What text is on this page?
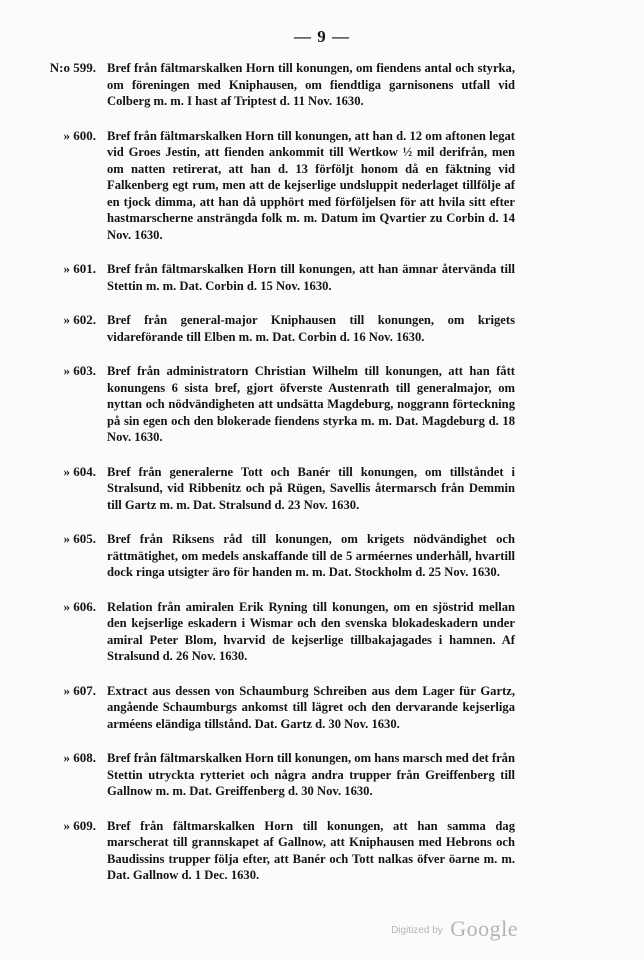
— 9 —
N:o 599. Bref från fältmarskalken Horn till konungen, om fiendens antal och styrka, om föreningen med Kniphausen, om fiendtliga garnisonens utfall vid Colberg m. m. I hast af Triptest d. 11 Nov. 1630.
» 600. Bref från fältmarskalken Horn till konungen, att han d. 12 om aftonen legat vid Groes Jestin, att fienden ankommit till Wertkow ½ mil derifrån, men om natten retirerat, att han d. 13 förföljt honom då en fäktning vid Falkenberg egt rum, men att de kejserlige undsluppit nederlaget tillfölje af en tjock dimma, att han då upphört med förföljelsen för att hvila sitt efter hastmarscherne ansträngda folk m. m. Datum im Qvartier zu Corbin d. 14 Nov. 1630.
» 601. Bref från fältmarskalken Horn till konungen, att han ämnar återvända till Stettin m. m. Dat. Corbin d. 15 Nov. 1630.
» 602. Bref från general-major Kniphausen till konungen, om krigets vidareförande till Elben m. m. Dat. Corbin d. 16 Nov. 1630.
» 603. Bref från administratorn Christian Wilhelm till konungen, att han fått konungens 6 sista bref, gjort öfverste Austenrath till generalmajor, om nyttan och nödvändigheten att undsätta Magdeburg, noggrann förteckning på sin egen och den blokerade fiendens styrka m. m. Dat. Magdeburg d. 18 Nov. 1630.
» 604. Bref från generalerne Tott och Banér till konungen, om tillståndet i Stralsund, vid Ribbenitz och på Rügen, Savellis återmarsch från Demmin till Gartz m. m. Dat. Stralsund d. 23 Nov. 1630.
» 605. Bref från Riksens råd till konungen, om krigets nödvändighet och rättmätighet, om medels anskaffande till de 5 arméernes underhåll, hvartill dock ringa utsigter äro för handen m. m. Dat. Stockholm d. 25 Nov. 1630.
» 606. Relation från amiralen Erik Ryning till konungen, om en sjöstrid mellan den kejserlige eskadern i Wismar och den svenska blokadeskadern under amiral Peter Blom, hvarvid de kejserlige tillbakajagades i hamnen. Af Stralsund d. 26 Nov. 1630.
» 607. Extract aus dessen von Schaumburg Schreiben aus dem Lager für Gartz, angående Schaumburgs ankomst till lägret och den dervarande kejserliga arméens eländiga tillstånd. Dat. Gartz d. 30 Nov. 1630.
» 608. Bref från fältmarskalken Horn till konungen, om hans marsch med det från Stettin utryckta rytteriet och några andra trupper från Greiffenberg till Gallnow m. m. Dat. Greiffenberg d. 30 Nov. 1630.
» 609. Bref från fältmarskalken Horn till konungen, att han samma dag marscherat till grannskapet af Gallnow, att Kniphausen med Hebrons och Baudissins trupper följa efter, att Banér och Tott nalkas öfver öarne m. m. Dat. Gallnow d. 1 Dec. 1630.
Digitized by Google
